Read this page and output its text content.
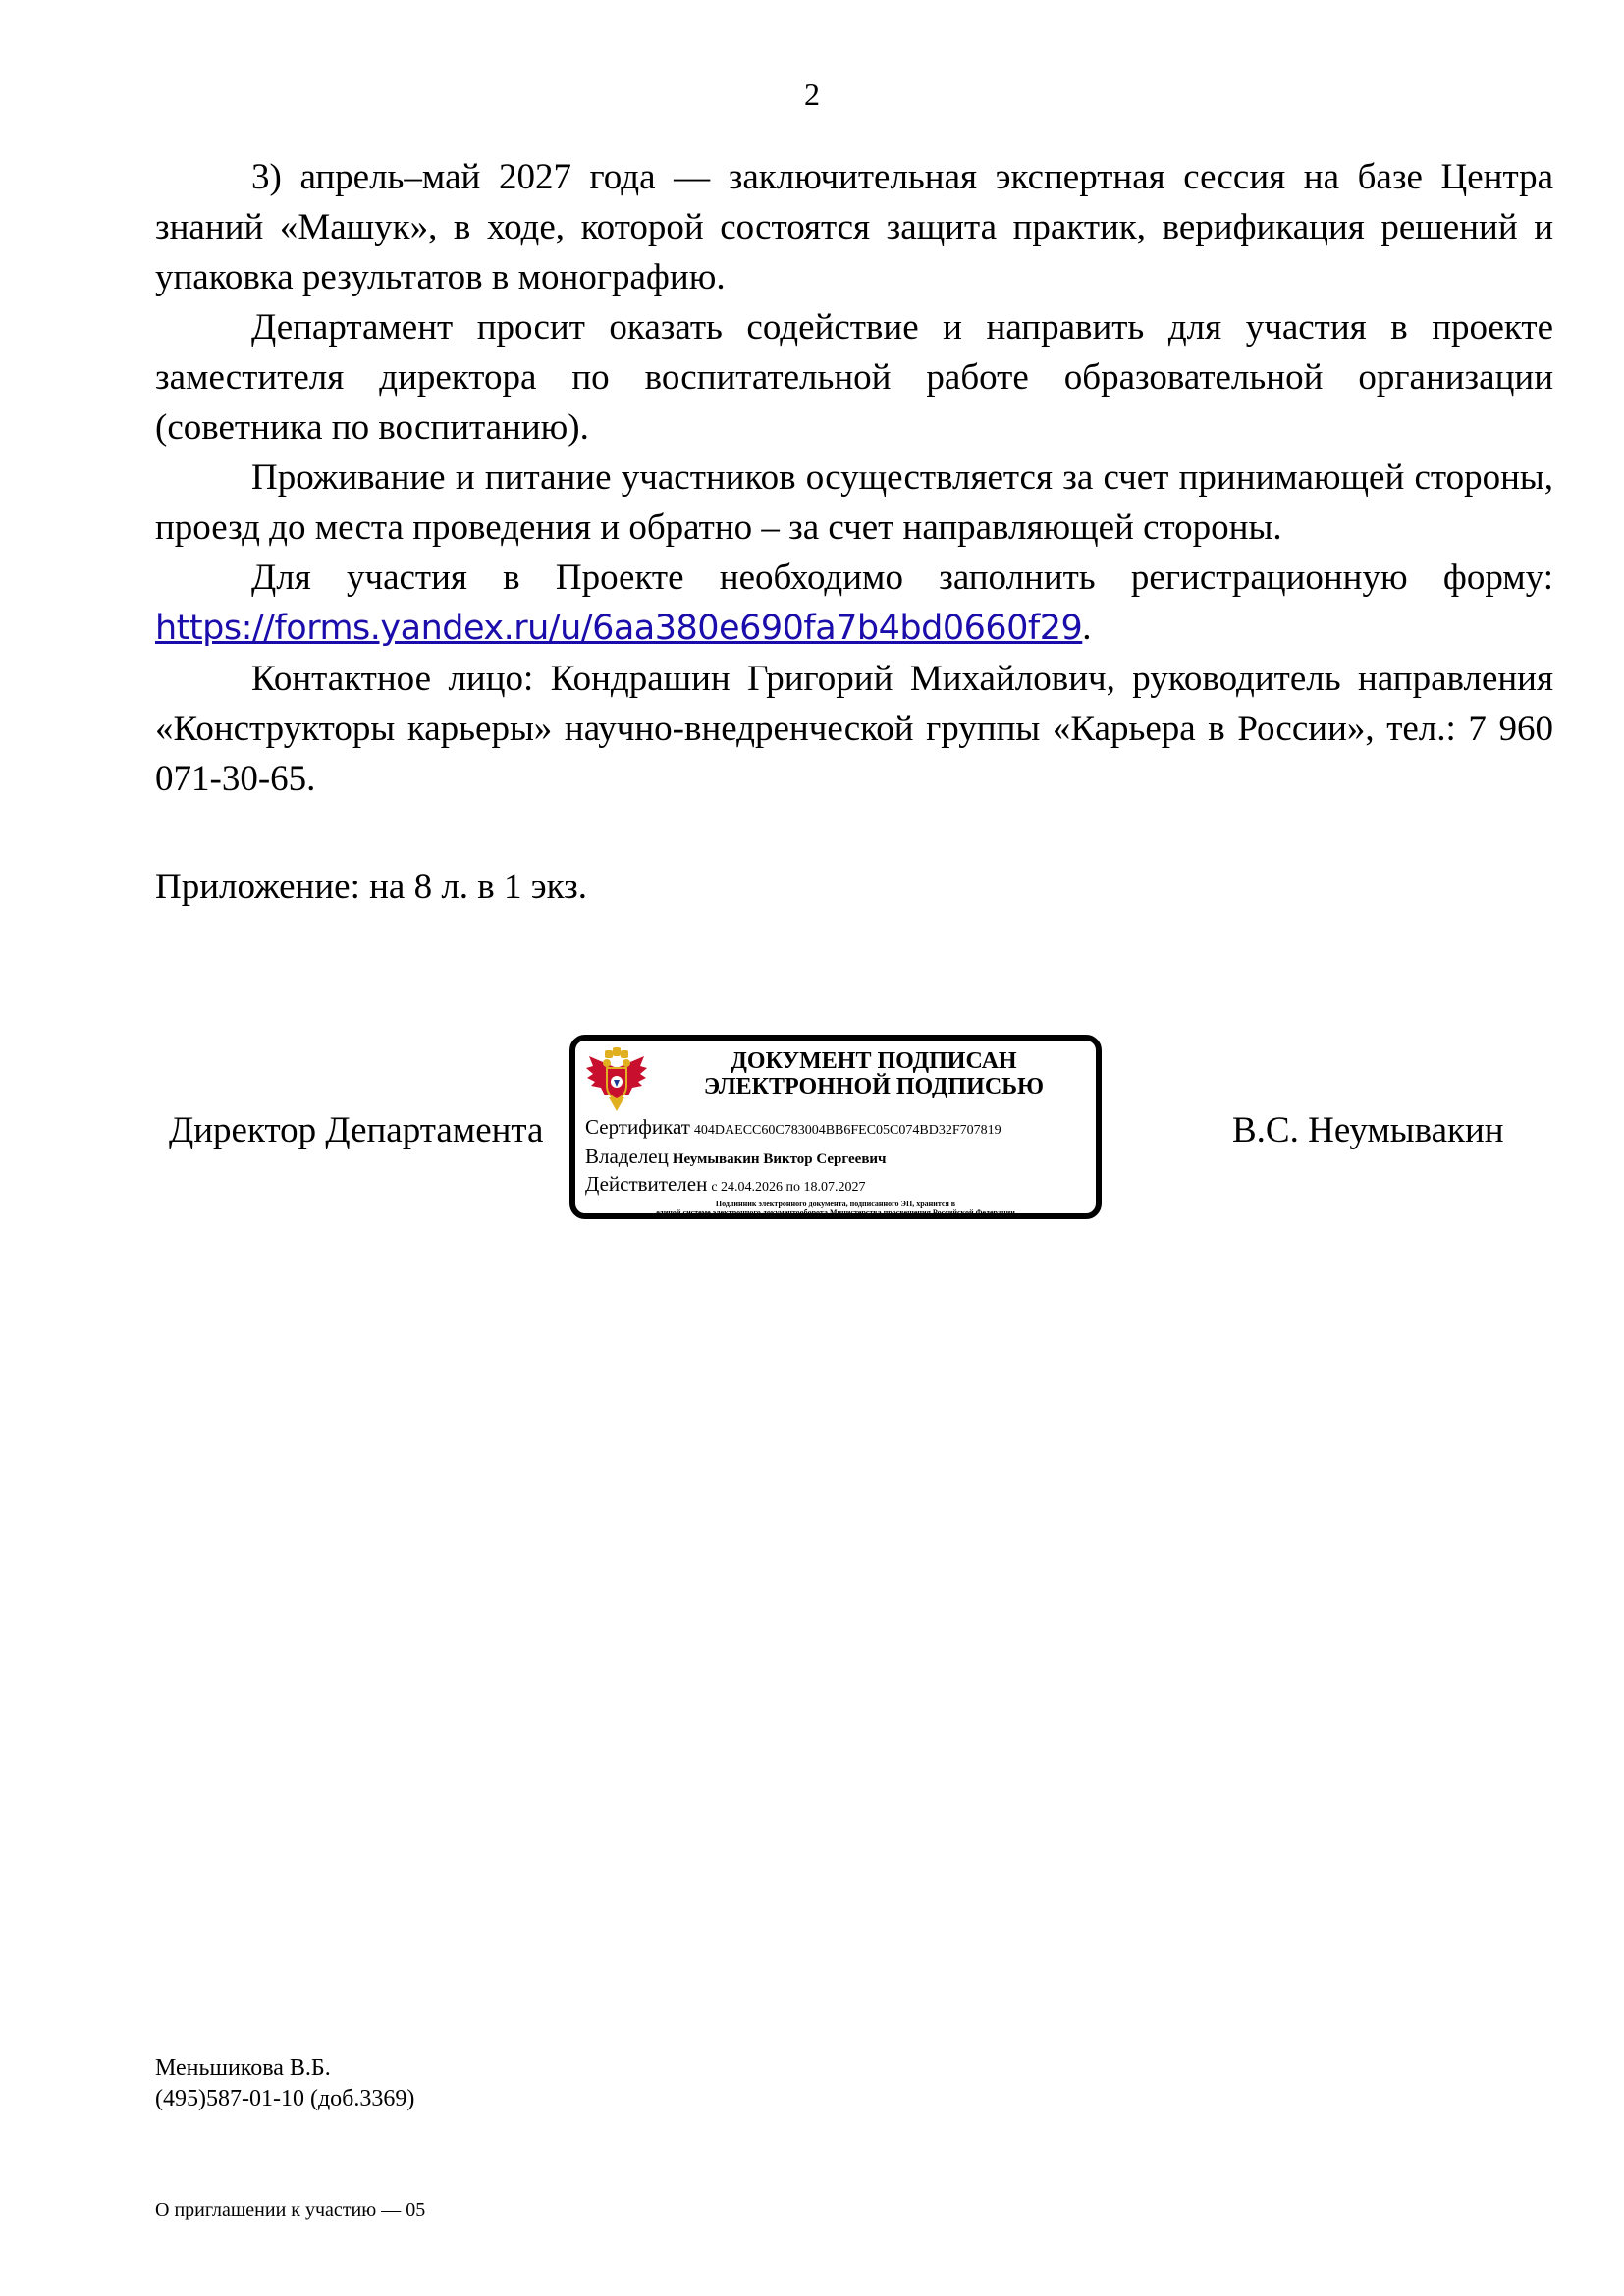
2

3) апрель–май 2027 года — заключительная экспертная сессия на базе Центра знаний «Машук», в ходе, которой состоятся защита практик, верификация решений и упаковка результатов в монографию.

Департамент просит оказать содействие и направить для участия в проекте заместителя директора по воспитательной работе образовательной организации (советника по воспитанию).

Проживание и питание участников осуществляется за счет принимающей стороны, проезд до места проведения и обратно – за счет направляющей стороны.

Для участия в Проекте необходимо заполнить регистрационную форму: https://forms.yandex.ru/u/6aa380e690fa7b4bd0660f29.

Контактное лицо: Кондрашин Григорий Михайлович, руководитель направления «Конструкторы карьеры» научно-внедренческой группы «Карьера в России», тел.: 7 960 071-30-65.

Приложение: на 8 л. в 1 экз.
Директор Департамента
ДОКУМЕНТ ПОДПИСАН
ЭЛЕКТРОННОЙ ПОДПИСЬЮ
Сертификат 404DAECC60C783004BB6FEC05C074BD32F707819
Владелец Неумывакин Виктор Сергеевич
Действителен с 24.04.2026 по 18.07.2027
Подлинник электронного документа, подписанного ЭП, хранится в
единой системе электронного документооборота Министерства просвещения Российской Федерации
В.С. Неумывакин
Меньшикова В.Б.
(495)587-01-10 (доб.3369)
О приглашении к участию — 05
